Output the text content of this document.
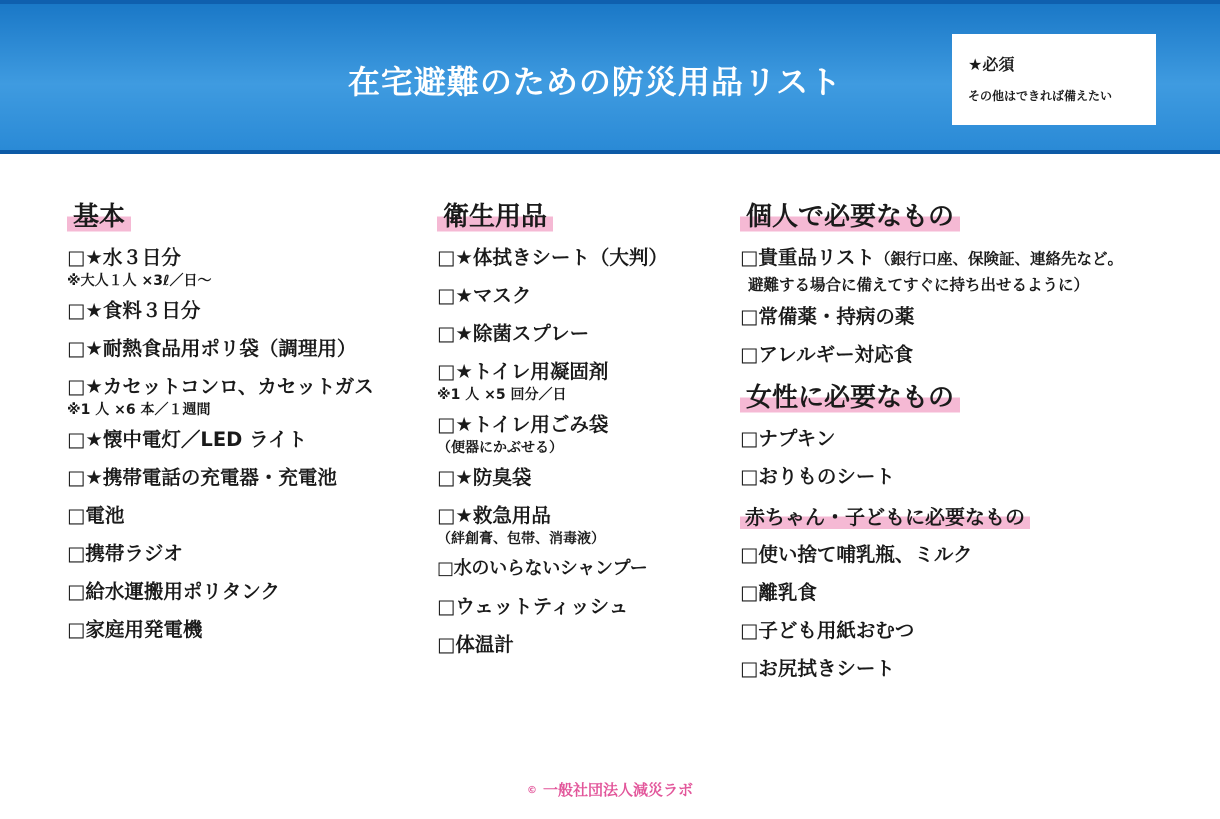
在宅避難のための防災用品リスト	★必須
その他はできれば備えたい
基本
□★水３日分
※大人１人 ×3ℓ／日〜
□★食料３日分
□★耐熱食品用ポリ袋（調理用）
□★カセットコンロ、カセットガス
※1 人 ×6 本／１週間
□★懐中電灯／LED ライト
□★携帯電話の充電器・充電池
□電池
□携帯ラジオ
□給水運搬用ポリタンク
□家庭用発電機
衛生用品
□★体拭きシート（大判）
□★マスク
□★除菌スプレー
□★トイレ用凝固剤
※1 人 ×5 回分／日
□★トイレ用ごみ袋
（便器にかぶせる）
□★防臭袋
□★救急用品
（絆創膏、包帯、消毒液）
□水のいらないシャンプー
□ウェットティッシュ
□体温計
個人で必要なもの
□貴重品リスト（銀行口座、保険証、連絡先など。
避難する場合に備えてすぐに持ち出せるように）
□常備薬・持病の薬
□アレルギー対応食
女性に必要なもの
□ナプキン
□おりものシート
赤ちゃん・子どもに必要なもの
□使い捨て哺乳瓶、ミルク
□離乳食
□子ども用紙おむつ
□お尻拭きシート
© 一般社団法人減災ラボ
